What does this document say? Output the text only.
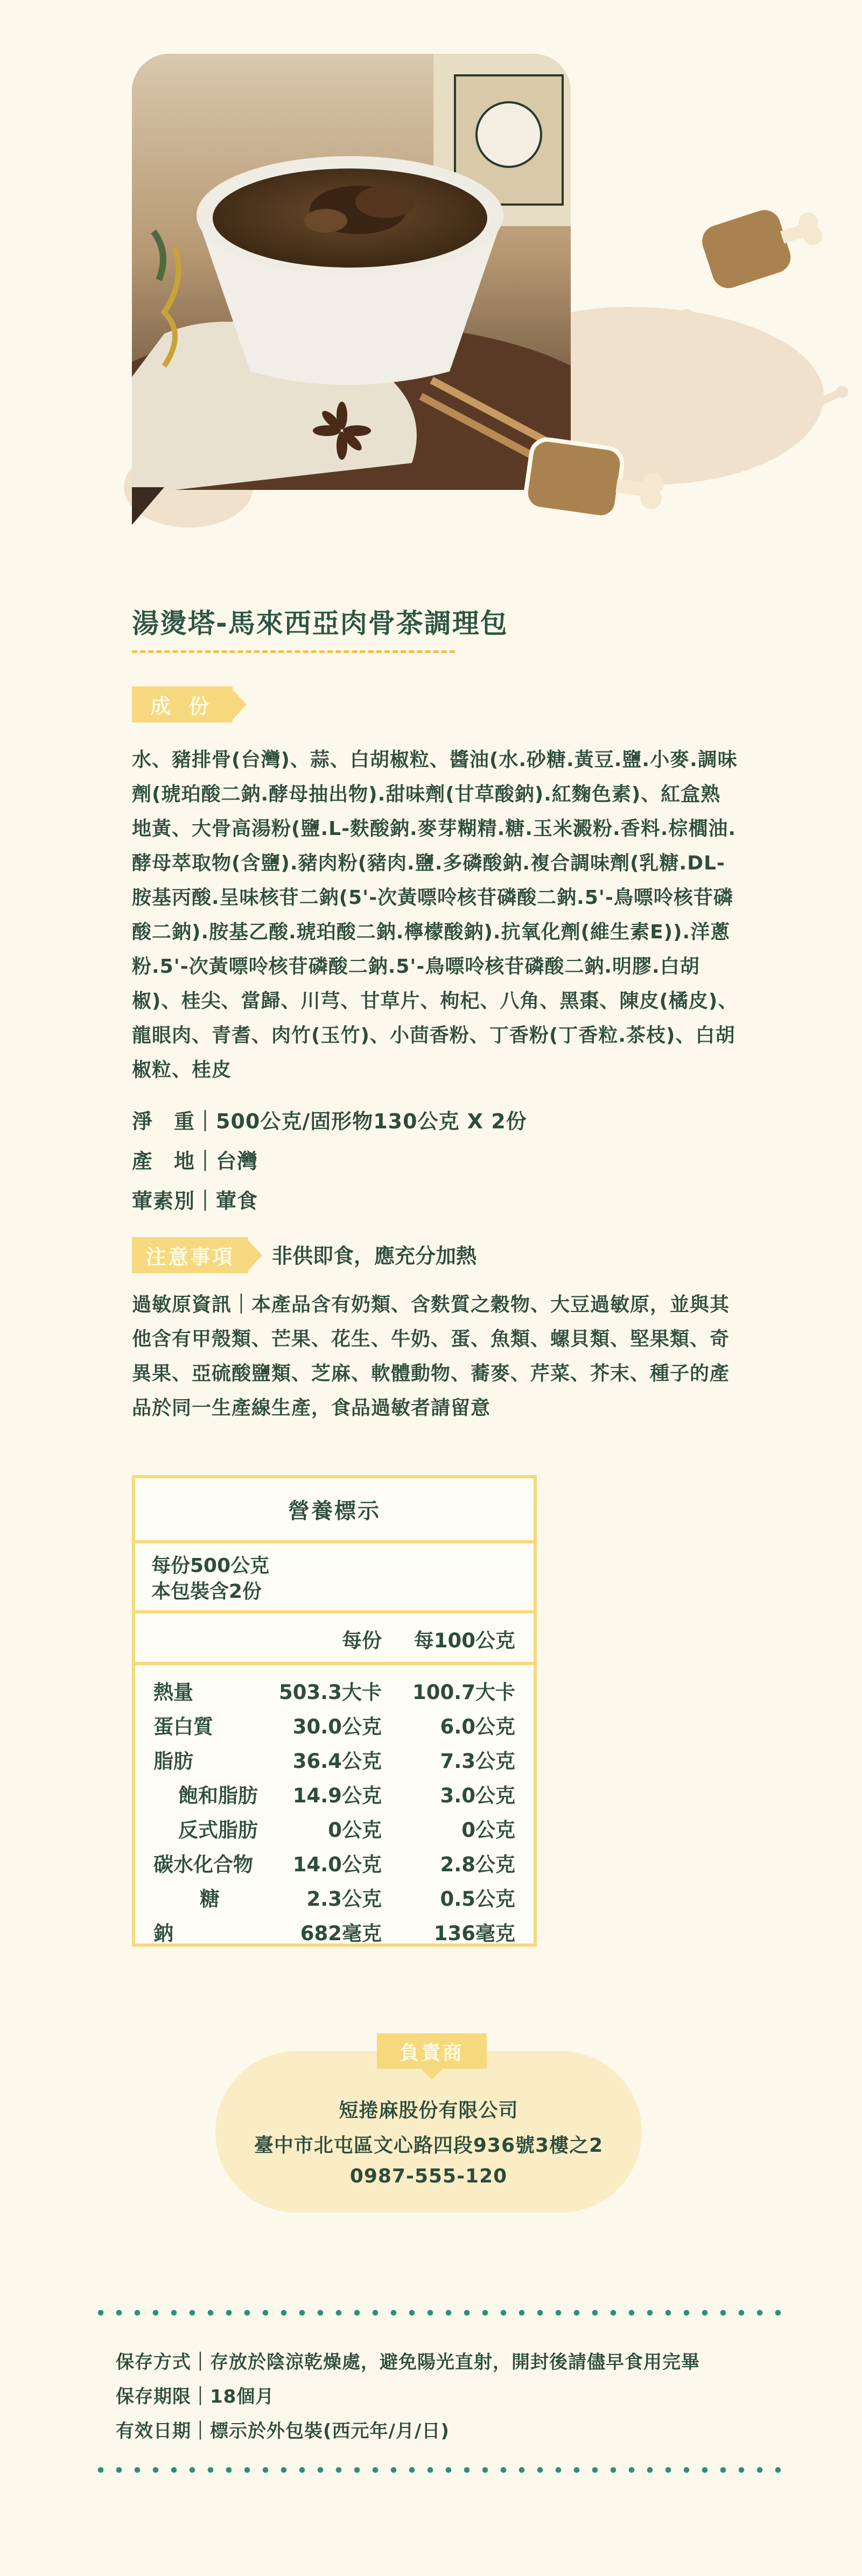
湯燙塔-馬來西亞肉骨茶調理包
成 份

水、豬排骨(台灣)、蒜、白胡椒粒、醬油(水.砂糖.黃豆.鹽.小麥.調味劑(琥珀酸二鈉.酵母抽出物).甜味劑(甘草酸鈉).紅麴色素)、紅盒熟地黃、大骨高湯粉(鹽.L-麩酸鈉.麥芽糊精.糖.玉米澱粉.香料.棕櫚油.酵母萃取物(含鹽).豬肉粉(豬肉.鹽.多磷酸鈉.複合調味劑(乳糖.DL-胺基丙酸.呈味核苷二鈉(5'-次黃嘌呤核苷磷酸二鈉.5'-鳥嘌呤核苷磷酸二鈉).胺基乙酸.琥珀酸二鈉.檸檬酸鈉).抗氧化劑(維生素E)).洋蔥粉.5'-次黃嘌呤核苷磷酸二鈉.5'-鳥嘌呤核苷磷酸二鈉.明膠.白胡椒)、桂尖、當歸、川芎、甘草片、枸杞、八角、黑棗、陳皮(橘皮)、龍眼肉、青耆、肉竹(玉竹)、小茴香粉、丁香粉(丁香粒.茶枝)、白胡椒粒、桂皮

淨　重｜500公克/固形物130公克 X 2份
產　地｜台灣
葷素別｜葷食
注意事項	非供即食，應充分加熱

過敏原資訊｜本產品含有奶類、含麩質之穀物、大豆過敏原，並與其他含有甲殼類、芒果、花生、牛奶、蛋、魚類、螺貝類、堅果類、奇異果、亞硫酸鹽類、芝麻、軟體動物、蕎麥、芹菜、芥末、種子的產品於同一生產線生產，食品過敏者請留意

營養標示
每份500公克
本包裝含2份
每份 每100公克
熱量	503.3大卡 100.7大卡
蛋白質	30.0公克	6.0公克
脂肪	36.4公克	7.3公克
飽和脂肪 14.9公克	3.0公克
反式脂肪	0公克	0公克
碳水化合物 14.0公克	2.8公克
糖	2.3公克	0.5公克
鈉	682毫克	136毫克
負責商
短捲麻股份有限公司
臺中市北屯區文心路四段936號3樓之2
0987-555-120
保存方式｜存放於陰涼乾燥處，避免陽光直射，開封後請儘早食用完畢
保存期限｜18個月
有效日期｜標示於外包裝(西元年/月/日)
